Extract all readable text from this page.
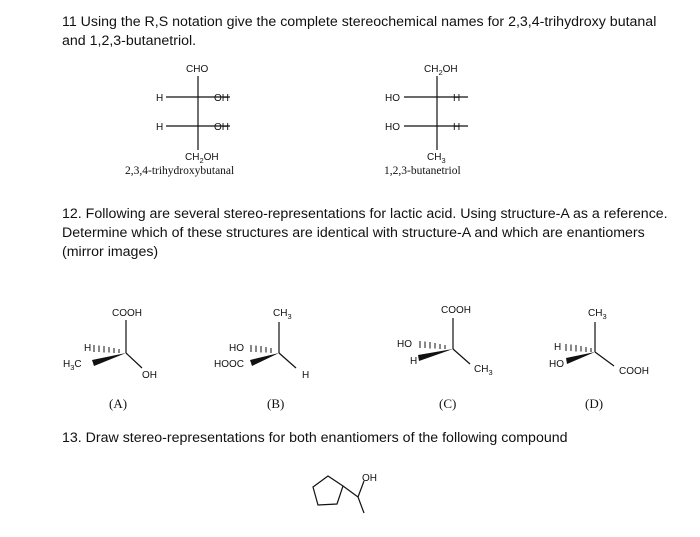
11 Using the R,S notation give the complete stereochemical names for 2,3,4-trihydroxy butanal and 1,2,3-butanetriol.

12. Following are several stereo-representations for lactic acid. Using structure-A as a reference. Determine which of these structures are identical with structure-A and which are enantiomers (mirror images)

13. Draw stereo-representations for both enantiomers of the following compound

CHO
H	OH
H	OH
$CH_2OH$
$CH_2OH$
HO	H
HO	H
$CH_3$
COOH
H
$H_3C$
OH
$CH_3$
HO
HOOC
H
COOH
HO
H
$CH_3$
$CH_3$
H
HO
COOH
OH
2,3,4-trihydroxybutanal	1,2,3-butanetriol
(A)	(B)	(C)	(D)
